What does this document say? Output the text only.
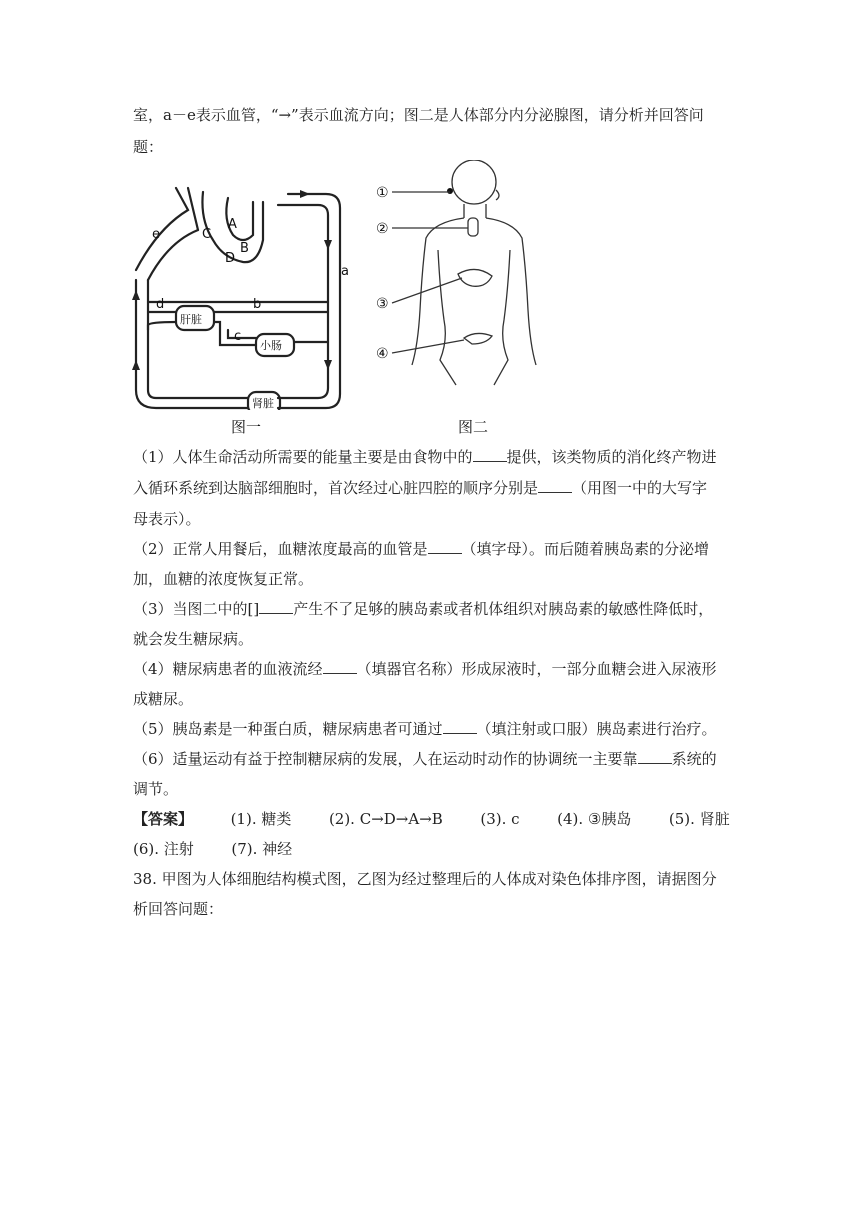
室，a－e表示血管，“→”表示血流方向；图二是人体部分内分泌腺图，请分析并回答问
题：
A
B
C
D
a
b
c
d
e
肝脏
小肠
肾脏
图一
①
②
③
④
图二
（1）人体生命活动所需要的能量主要是由食物中的 提供，该类物质的消化终产物进
入循环系统到达脑部细胞时，首次经过心脏四腔的顺序分别是 （用图一中的大写字
母表示）。
（2）正常人用餐后，血糖浓度最高的血管是 （填字母）。而后随着胰岛素的分泌增
加，血糖的浓度恢复正常。
（3）当图二中的[] 产生不了足够的胰岛素或者机体组织对胰岛素的敏感性降低时，
就会发生糖尿病。
（4）糖尿病患者的血液流经 （填器官名称）形成尿液时，一部分血糖会进入尿液形
成糖尿。
（5）胰岛素是一种蛋白质，糖尿病患者可通过 （填注射或口服）胰岛素进行治疗。
（6）适量运动有益于控制糖尿病的发展，人在运动时动作的协调统一主要靠 系统的
调节。
【答案】	(1). 糖类	(2). C→D→A→B	(3). c	(4). ③胰岛	(5). 肾脏
(6). 注射	(7). 神经
38. 甲图为人体细胞结构模式图，乙图为经过整理后的人体成对染色体排序图，请据图分
析回答问题：
